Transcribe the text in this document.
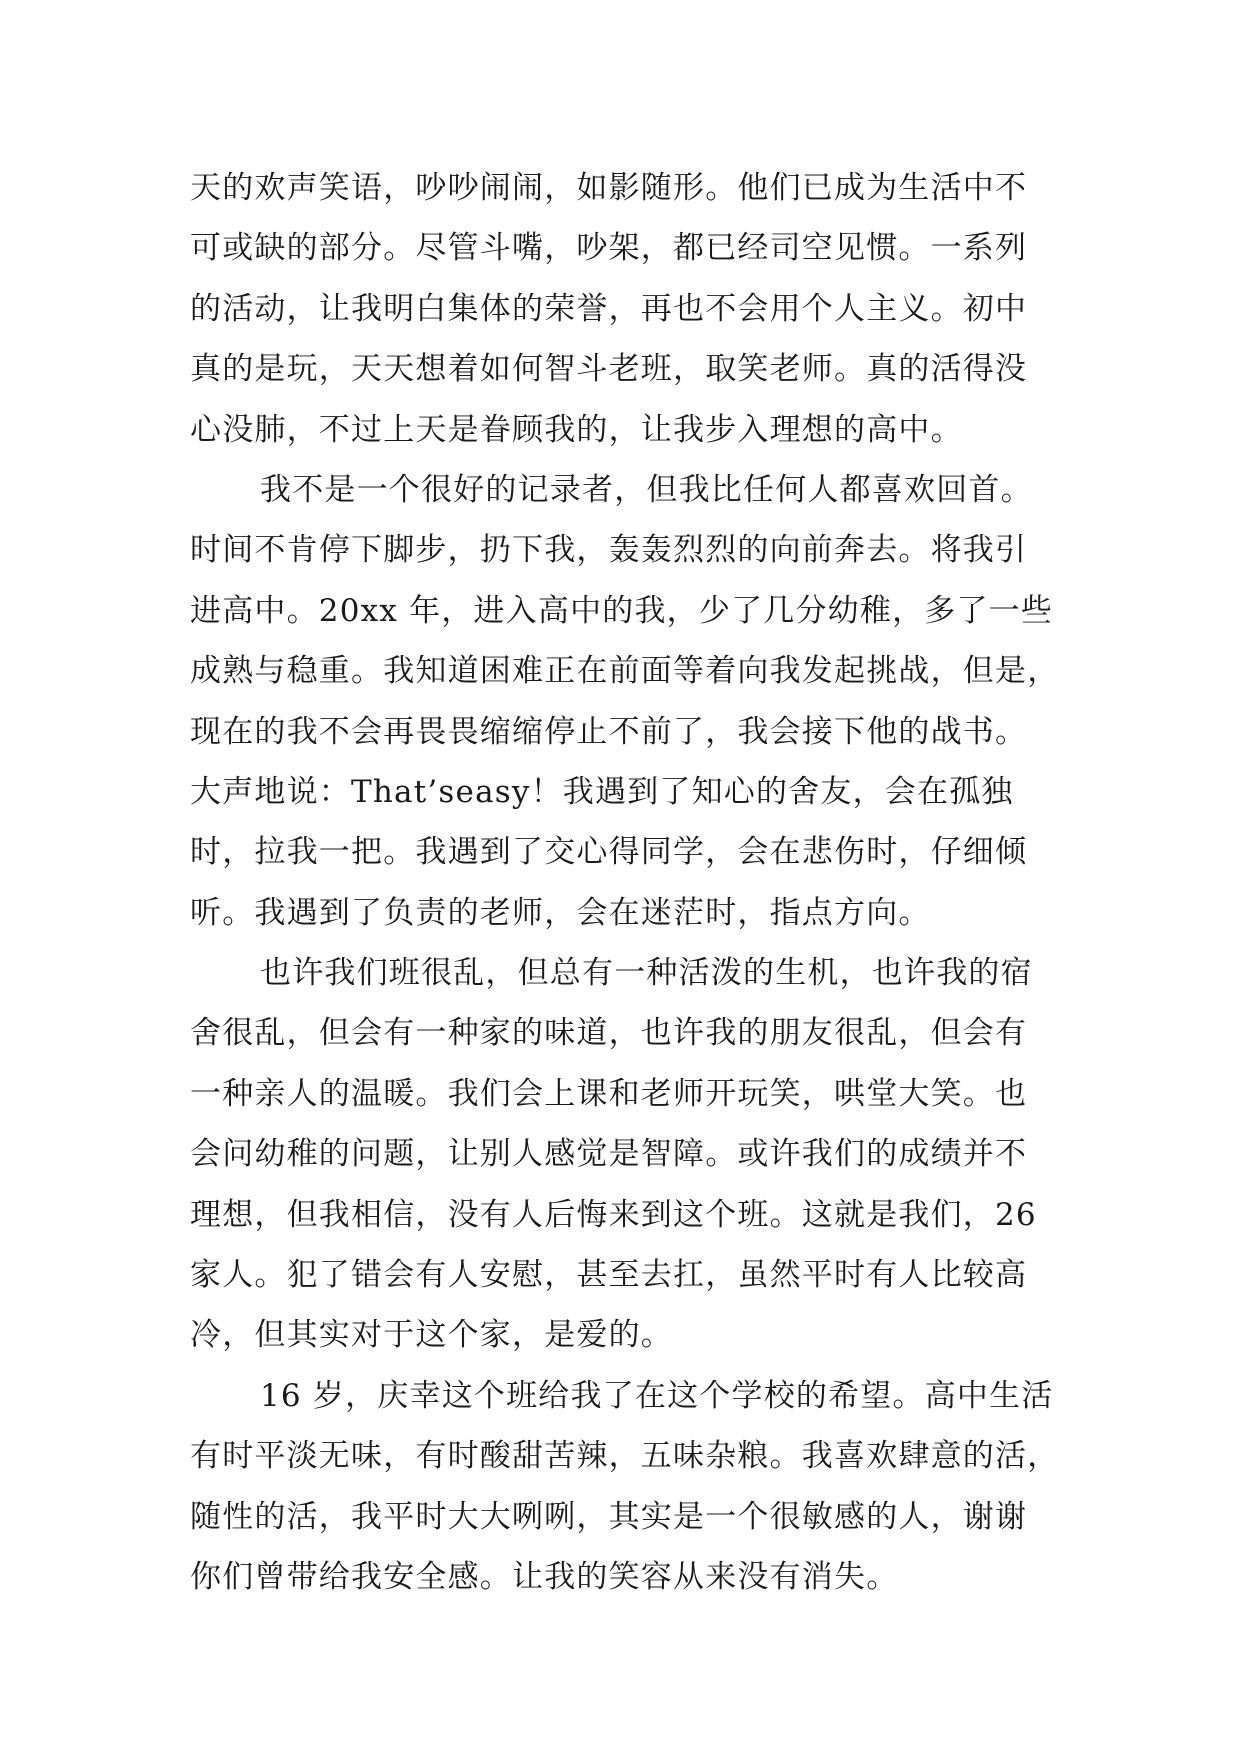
天的欢声笑语，吵吵闹闹，如影随形。他们已成为生活中不
可或缺的部分。尽管斗嘴，吵架，都已经司空见惯。一系列
的活动，让我明白集体的荣誉，再也不会用个人主义。初中
真的是玩，天天想着如何智斗老班，取笑老师。真的活得没
心没肺，不过上天是眷顾我的，让我步入理想的高中。
我不是一个很好的记录者，但我比任何人都喜欢回首。
时间不肯停下脚步，扔下我，轰轰烈烈的向前奔去。将我引
进高中。20xx 年，进入高中的我，少了几分幼稚，多了一些
成熟与稳重。我知道困难正在前面等着向我发起挑战，但是，
现在的我不会再畏畏缩缩停止不前了，我会接下他的战书。
大声地说：That’seasy！我遇到了知心的舍友，会在孤独
时，拉我一把。我遇到了交心得同学，会在悲伤时，仔细倾
听。我遇到了负责的老师，会在迷茫时，指点方向。
也许我们班很乱，但总有一种活泼的生机，也许我的宿
舍很乱，但会有一种家的味道，也许我的朋友很乱，但会有
一种亲人的温暖。我们会上课和老师开玩笑，哄堂大笑。也
会问幼稚的问题，让别人感觉是智障。或许我们的成绩并不
理想，但我相信，没有人后悔来到这个班。这就是我们，26
家人。犯了错会有人安慰，甚至去扛，虽然平时有人比较高
冷，但其实对于这个家，是爱的。
16 岁，庆幸这个班给我了在这个学校的希望。高中生活
有时平淡无味，有时酸甜苦辣，五味杂粮。我喜欢肆意的活，
随性的活，我平时大大咧咧，其实是一个很敏感的人，谢谢
你们曾带给我安全感。让我的笑容从来没有消失。
